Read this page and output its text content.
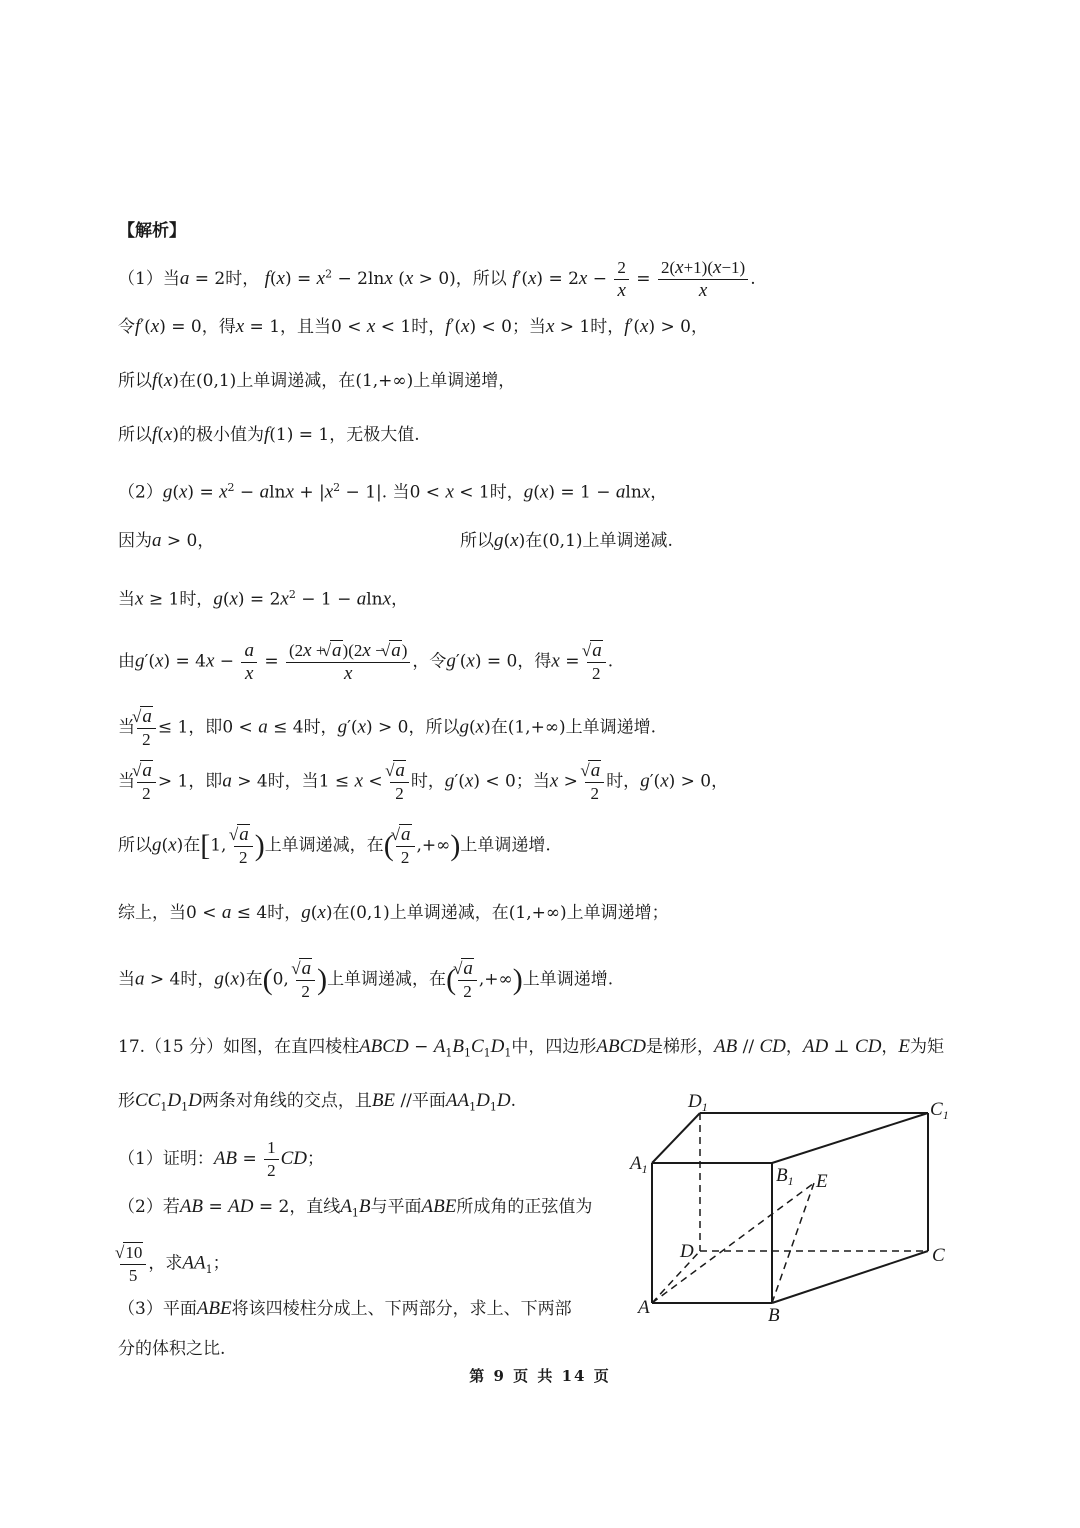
【解析】
（1）当a = 2时， $f(x) = x^2 - 2\ln x$ (x > 0)，所以 $f'(x) = 2x - \frac{2}{x} = \frac{2(x+1)(x-1)}{x}$ .
令f′(x) = 0，得x = 1，且当0 < x < 1时，f′(x) < 0；当x > 1时，f′(x) > 0，
所以f(x)在(0,1)上单调递减，在(1,+∞)上单调递增，
所以f(x)的极小值为f(1) = 1，无极大值.
$(2)g(x) = x^2 - alnx + |x^2 - 1|$. 当0 < x < 1时，g(x) = 1 − alnx，
因为a > 0，	所以g(x)在(0,1)上单调递减.
当x ≥ 1时，$g(x) = 2x^2 - 1 - alnx$，
由$g'(x) = 4x - \frac{a}{x} = \frac{(2x + √ a)(2x - √ a)}{x}$ ，令g′(x) = 0，得x = √ $\frac{a}{2}$ .
当 √ $\frac{a}{2} \le 1$，即0 < a ≤ 4时，g′(x) > 0，所以g(x)在(1,+∞)上单调递增.
当 √ $\frac{a}{2} > 1$，即a > 4时，当1 ≤ x < √ $\frac{a}{2}$ 时，g′(x) < 0；当x > √ $\frac{a}{2}$ 时，g′(x) > 0，
所以g(x)在[1, √ $\frac{a}{2}$ )上单调递减，在( √ $\frac{a}{2}$ ,+∞)上单调递增.
综上，当0 < a ≤ 4时，g(x)在(0,1)上单调递减，在(1,+∞)上单调递增；
当a > 4时，g(x)在(0, √ $\frac{a}{2}$ )上单调递减，在( √ $\frac{a}{2}$ ,+∞)上单调递增.
17.（15 分）如图，在直四棱柱ABCD − $A_1B_1C_1D_1$中，四边形ABCD是梯形，AB // CD，AD ⊥ CD，E为矩
形$CC_1D_1D$两条对角线的交点，且BE //平面$AA_1D_1D$.
（1）证明：AB = $\frac{1}{2}$ CD；
（2）若AB = AD = 2，直线$A_1B$与平面ABE所成角的正弦值为
√ $\frac{10}{5}$ ，求$AA_1$；
（3）平面ABE将该四棱柱分成上、下两部分，求上、下两部
分的体积之比.
$D_1$	$C_1$
$A_1$	$B_1$ E
D	C
A	B
第 9 页 共 14 页
